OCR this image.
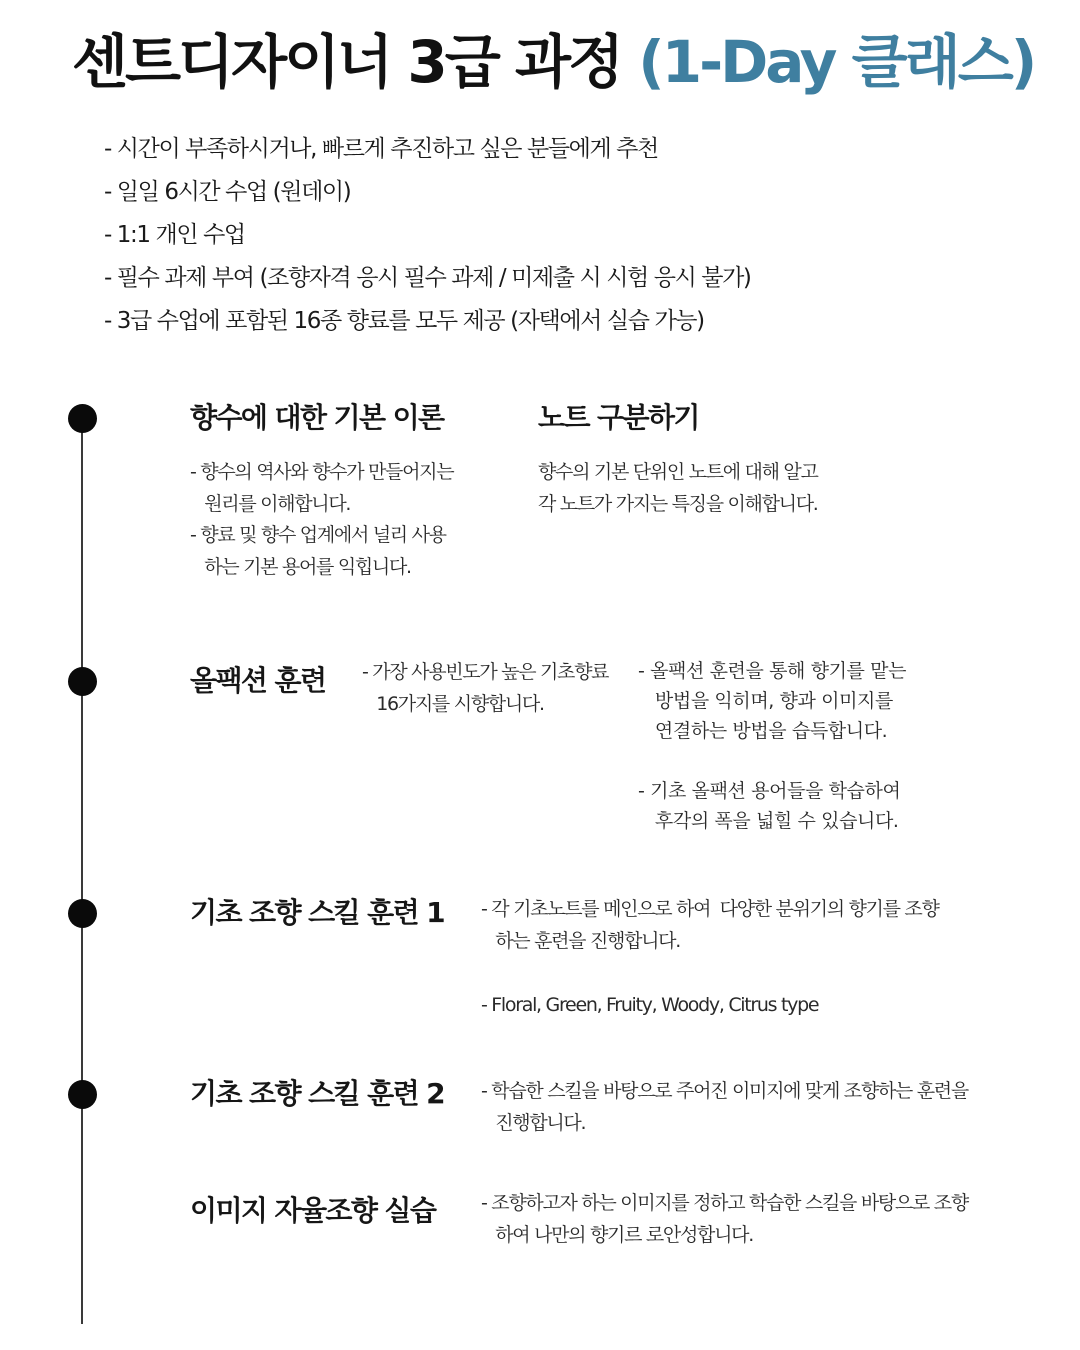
센트디자이너 3급 과정 (1-Day 클래스)
- 시간이 부족하시거나, 빠르게 추진하고 싶은 분들에게 추천
- 일일 6시간 수업 (원데이)
- 1:1 개인 수업
- 필수 과제 부여 (조향자격 응시 필수 과제 / 미제출 시 시험 응시 불가)
- 3급 수업에 포함된 16종 향료를 모두 제공 (자택에서 실습 가능)
향수에 대한 기본 이론

- 향수의 역사와 향수가 만들어지는
원리를 이해합니다.
- 향료 및 향수 업계에서 널리 사용
하는 기본 용어를 익힙니다.

노트 구분하기

향수의 기본 단위인 노트에 대해 알고
각 노트가 가지는 특징을 이해합니다.

올팩션 훈련 - 가장 사용빈도가 높은 기초향료
16가지를 시향합니다.

- 올팩션 훈련을 통해 향기를 맡는
방법을 익히며, 향과 이미지를
연결하는 방법을 습득합니다.

- 기초 올팩션 용어들을 학습하여
후각의 폭을 넓힐 수 있습니다.

기초 조향 스킬 훈련 1 - 각 기초노트를 메인으로 하여  다양한 분위기의 향기를 조향
하는 훈련을 진행합니다.

- Floral, Green, Fruity, Woody, Citrus type

기초 조향 스킬 훈련 2 - 학습한 스킬을 바탕으로 주어진 이미지에 맞게 조향하는 훈련을
진행합니다.

이미지 자율조향 실습 - 조향하고자 하는 이미지를 정하고 학습한 스킬을 바탕으로 조향
하여 나만의 향기르 로안성합니다.
